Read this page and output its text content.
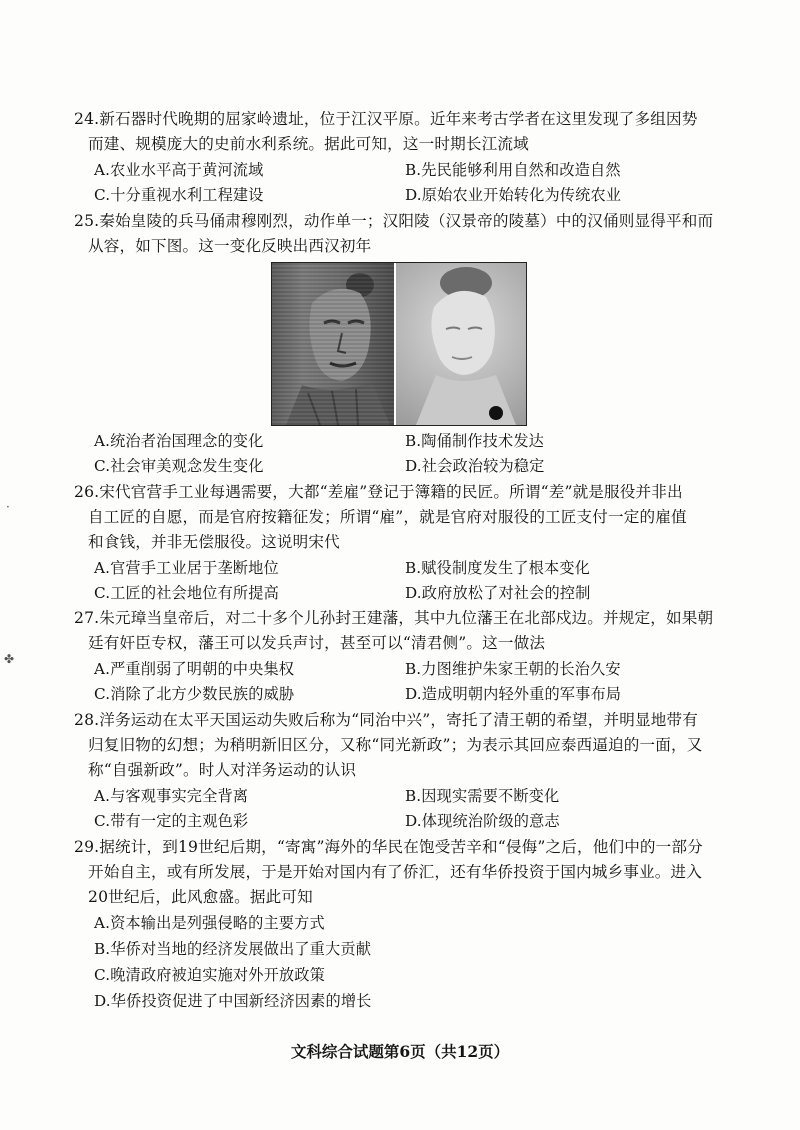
24.新石器时代晚期的屈家岭遗址，位于江汉平原。近年来考古学者在这里发现了多组因势
而建、规模庞大的史前水利系统。据此可知，这一时期长江流域
A.农业水平高于黄河流域	B.先民能够利用自然和改造自然
C.十分重视水利工程建设	D.原始农业开始转化为传统农业
25.秦始皇陵的兵马俑肃穆刚烈，动作单一；汉阳陵（汉景帝的陵墓）中的汉俑则显得平和而
从容，如下图。这一变化反映出西汉初年
A.统治者治国理念的变化	B.陶俑制作技术发达
C.社会审美观念发生变化	D.社会政治较为稳定
26.宋代官营手工业每遇需要，大都“差雇”登记于簿籍的民匠。所谓“差”就是服役并非出
自工匠的自愿，而是官府按籍征发；所谓“雇”，就是官府对服役的工匠支付一定的雇值
和食钱，并非无偿服役。这说明宋代
A.官营手工业居于垄断地位	B.赋役制度发生了根本变化
C.工匠的社会地位有所提高	D.政府放松了对社会的控制
27.朱元璋当皇帝后，对二十多个儿孙封王建藩，其中九位藩王在北部戍边。并规定，如果朝
廷有奸臣专权，藩王可以发兵声讨，甚至可以“清君侧”。这一做法
A.严重削弱了明朝的中央集权	B.力图维护朱家王朝的长治久安
C.消除了北方少数民族的威胁	D.造成明朝内轻外重的军事布局
28.洋务运动在太平天国运动失败后称为“同治中兴”，寄托了清王朝的希望，并明显地带有
归复旧物的幻想；为稍明新旧区分，又称“同光新政”；为表示其回应泰西逼迫的一面，又
称“自强新政”。时人对洋务运动的认识
A.与客观事实完全背离	B.因现实需要不断变化
C.带有一定的主观色彩	D.体现统治阶级的意志
29.据统计，到19世纪后期，“寄寓”海外的华民在饱受苦辛和“侵侮”之后，他们中的一部分
开始自主，或有所发展，于是开始对国内有了侨汇，还有华侨投资于国内城乡事业。进入
20世纪后，此风愈盛。据此可知
A.资本输出是列强侵略的主要方式
B.华侨对当地的经济发展做出了重大贡献
C.晚清政府被迫实施对外开放政策
D.华侨投资促进了中国新经济因素的增长
文科综合试题第6页（共12页）
·
✤
